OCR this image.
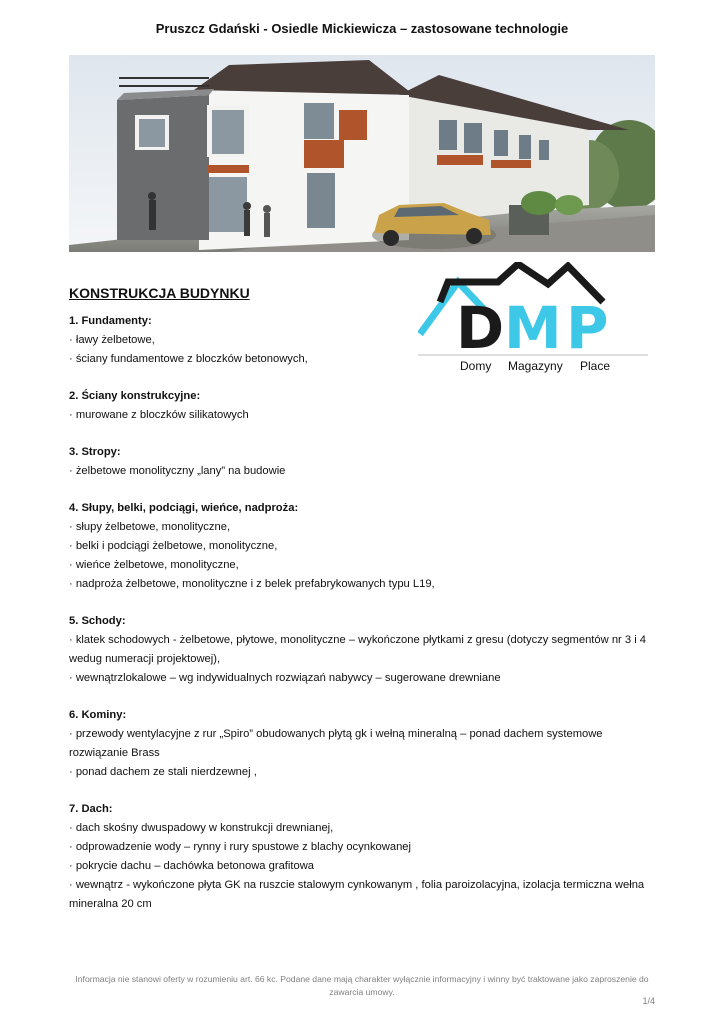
Pruszcz Gdański - Osiedle Mickiewicza – zastosowane technologie
D M P
Domy Magazyny Place
KONSTRUKCJA BUDYNKU
1. Fundamenty:
· ławy żelbetowe,
· ściany fundamentowe z bloczków betonowych,
2. Ściany konstrukcyjne:
· murowane z bloczków silikatowych
3. Stropy:
· żelbetowe monolityczny „lany” na budowie
4. Słupy, belki, podciągi, wieńce, nadproża:
· słupy żelbetowe, monolityczne,
· belki i podciągi żelbetowe, monolityczne,
· wieńce żelbetowe, monolityczne,
· nadproża żelbetowe, monolityczne i z belek prefabrykowanych typu L19,
5. Schody:
· klatek schodowych - żelbetowe, płytowe, monolityczne – wykończone płytkami z gresu (dotyczy segmentów nr 3 i 4 wedug numeracji projektowej),
· wewnątrzlokalowe – wg indywidualnych rozwiązań nabywcy – sugerowane drewniane
6. Kominy:
· przewody wentylacyjne z rur „Spiro” obudowanych płytą gk i wełną mineralną – ponad dachem systemowe rozwiązanie Brass
· ponad dachem ze stali nierdzewnej ,
7. Dach:
· dach skośny dwuspadowy w konstrukcji drewnianej,
· odprowadzenie wody – rynny i rury spustowe z blachy ocynkowanej
· pokrycie dachu – dachówka betonowa grafitowa
· wewnątrz - wykończone płyta GK na ruszcie stalowym cynkowanym , folia paroizolacyjna, izolacja termiczna wełna mineralna 20 cm
Informacja nie stanowi oferty w rozumieniu art. 66 kc. Podane dane mają charakter wyłącznie informacyjny i winny być traktowane jako zaproszenie do zawarcia umowy.
1/4
